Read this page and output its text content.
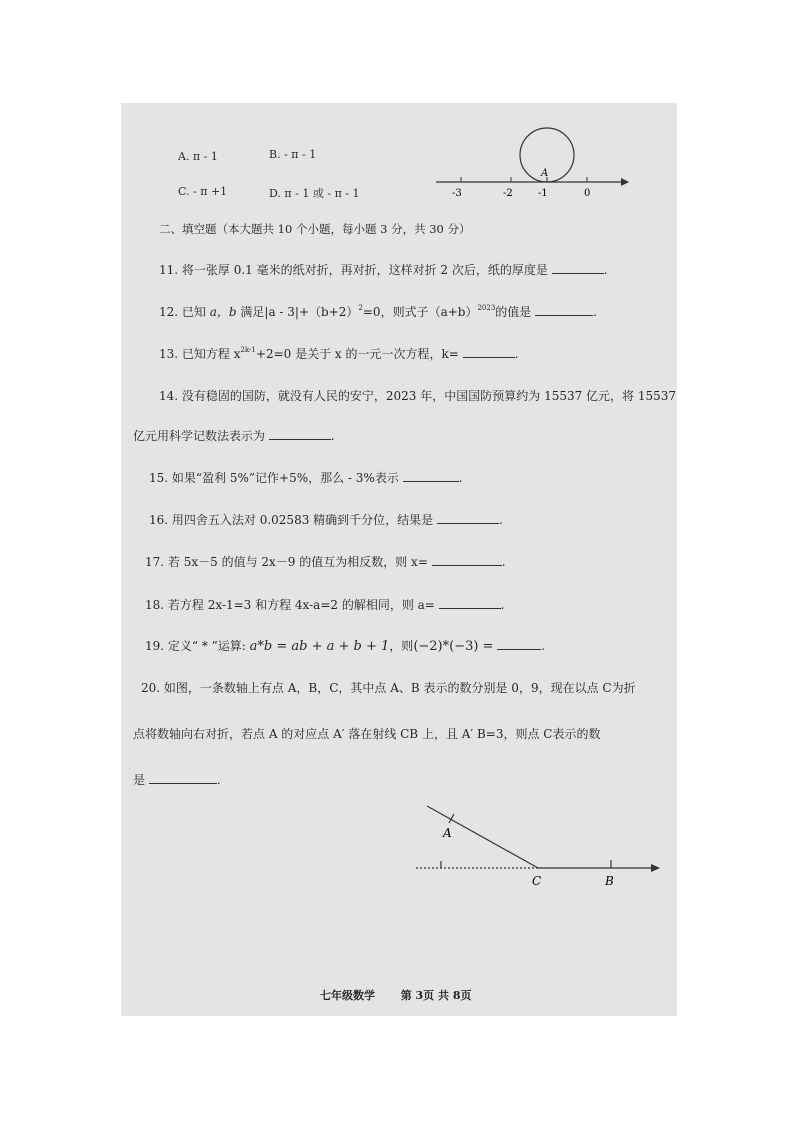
A. π - 1	B. - π - 1
C. - π +1	D. π - 1 或 - π - 1	-3	-2	-1	0
A
二、填空题（本大题共 10 个小题，每小题 3 分，共 30 分）
11. 将一张厚 0.1 毫米的纸对折，再对折，这样对折 2 次后，纸的厚度是	.
12. 已知 a，b 满足$|a - 3|+(b+2)^2=0$，则式子$(a+b)^{2023}$的值是	.
13. 已知方程 $x^{2k-1}+2=0$ 是关于 x 的一元一次方程，k=	.
14. 没有稳固的国防，就没有人民的安宁，2023 年，中国国防预算约为 15537 亿元，将 15537
亿元用科学记数法表示为	.
15. 如果“盈利 5%”记作+5%，那么 - 3%表示	.
16. 用四舍五入法对 0.02583 精确到千分位，结果是	.
17. 若 5x－5 的值与 2x－9 的值互为相反数，则 x=	.
18. 若方程 2x-1=3 和方程 4x-a=2 的解相同，则 a=	.
19. 定义“ * ”运算: a*b = ab + a + b + 1，则(−2)*(−3) =	.
20. 如图，一条数轴上有点 A，B，C，其中点 A、B 表示的数分别是 0，9，现在以点 C为折
点将数轴向右对折，若点 A 的对应点 A′ 落在射线 CB 上，且 A′ B=3，则点 C表示的数
是	.
A
C	B
七年级数学 第 3页 共 8页
